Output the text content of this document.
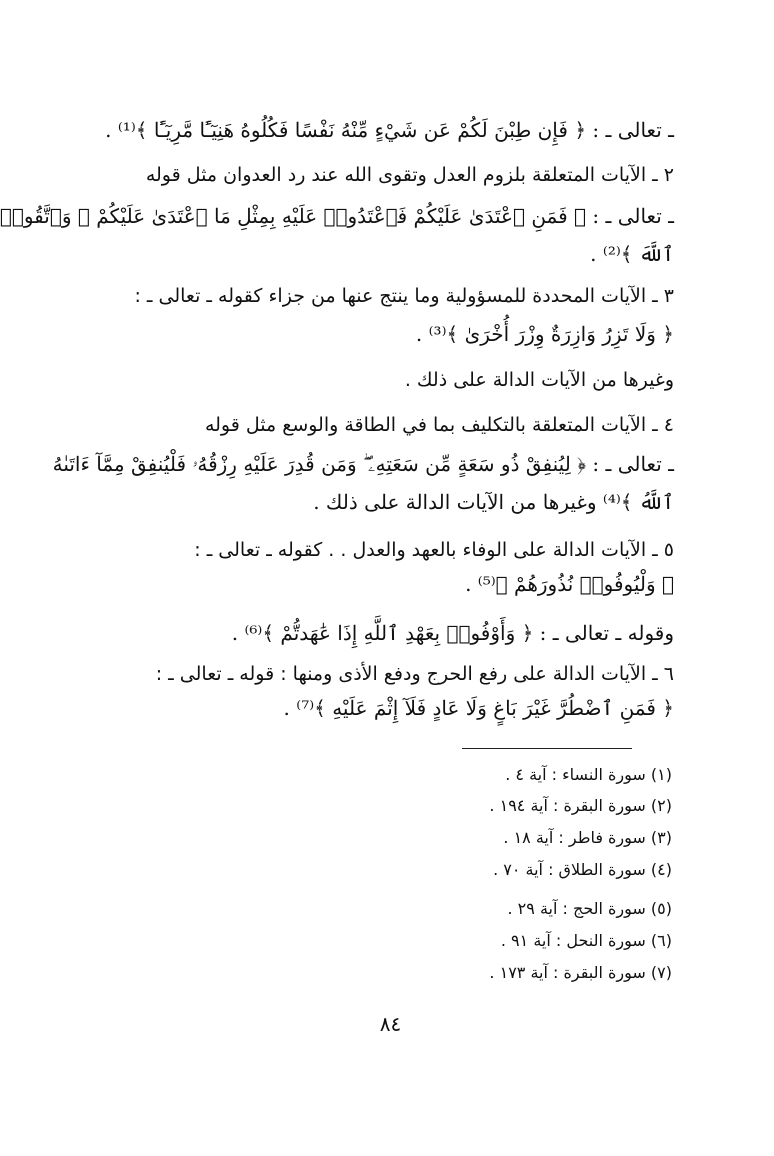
ـ تعالى ـ : ﴿ فَإِن طِبْنَ لَكُمْ عَن شَيْءٍ مِّنْهُ نَفْسًا فَكُلُوهُ هَنِيٓـًٔا مَّرِيٓـًٔا ﴾⁽¹⁾ .
٢ ـ الآيات المتعلقة بلزوم العدل وتقوى الله عند رد العدوان مثل قوله
ـ تعالى ـ : ﴿ فَمَنِ ٱعْتَدَىٰ عَلَيْكُمْ فَٱعْتَدُوا۟ عَلَيْهِ بِمِثْلِ مَا ٱعْتَدَىٰ عَلَيْكُمْ ۚ وَٱتَّقُوا۟
ٱللَّهَ ﴾⁽²⁾ .
٣ ـ الآيات المحددة للمسؤولية وما ينتج عنها من جزاء كقوله ـ تعالى ـ :
﴿ وَلَا تَزِرُ وَازِرَةٌ وِزْرَ أُخْرَىٰ ﴾⁽³⁾ .
وغيرها من الآيات الدالة على ذلك .
٤ ـ الآيات المتعلقة بالتكليف بما في الطاقة والوسع مثل قوله
ـ تعالى ـ : ﴿ لِيُنفِقْ ذُو سَعَةٍ مِّن سَعَتِهِۦ ۖ وَمَن قُدِرَ عَلَيْهِ رِزْقُهُۥ فَلْيُنفِقْ مِمَّآ ءَاتَىٰهُ
ٱللَّهُ ﴾⁽⁴⁾ وغيرها من الآيات الدالة على ذلك .
٥ ـ الآيات الدالة على الوفاء بالعهد والعدل . . كقوله ـ تعالى ـ :
﴿ وَلْيُوفُوا۟ نُذُورَهُمْ ﴾⁽⁵⁾ .
وقوله ـ تعالى ـ : ﴿ وَأَوْفُوا۟ بِعَهْدِ ٱللَّهِ إِذَا عَٰهَدتُّمْ ﴾⁽⁶⁾ .
٦ ـ الآيات الدالة على رفع الحرج ودفع الأذى ومنها : قوله ـ تعالى ـ :
﴿ فَمَنِ ٱضْطُرَّ غَيْرَ بَاغٍ وَلَا عَادٍ فَلَآ إِثْمَ عَلَيْهِ ﴾⁽⁷⁾ .
(١) سورة النساء : آية ٤ .
(٢) سورة البقرة : آية ١٩٤ .
(٣) سورة فاطر : آية ١٨ .
(٤) سورة الطلاق : آية ٧٠ .
(٥) سورة الحج : آية ٢٩ .
(٦) سورة النحل : آية ٩١ .
(٧) سورة البقرة : آية ١٧٣ .
٨٤
